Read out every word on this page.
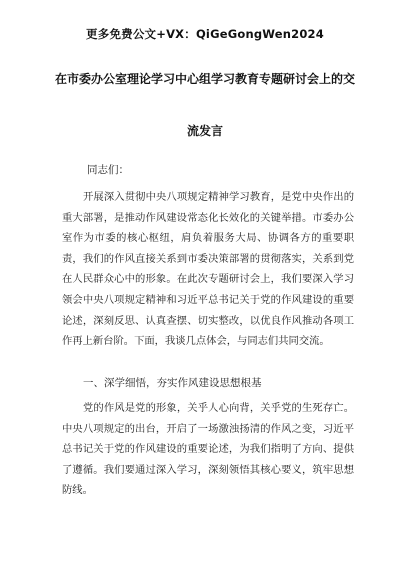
更多免费公文+VX：QiGeGongWen2024
在市委办公室理论学习中心组学习教育专题研讨会上的交
流发言
同志们：

开展深入贯彻中央八项规定精神学习教育，是党中央作出的重大部署，是推动作风建设常态化长效化的关键举措。市委办公室作为市委的核心枢纽，肩负着服务大局、协调各方的重要职责，我们的作风直接关系到市委决策部署的贯彻落实，关系到党在人民群众心中的形象。在此次专题研讨会上，我们要深入学习领会中央八项规定精神和习近平总书记关于党的作风建设的重要论述，深刻反思、认真查摆、切实整改，以优良作风推动各项工作再上新台阶。下面，我谈几点体会，与同志们共同交流。

一、深学细悟，夯实作风建设思想根基

党的作风是党的形象，关乎人心向背，关乎党的生死存亡。中央八项规定的出台，开启了一场激浊扬清的作风之变，习近平总书记关于党的作风建设的重要论述，为我们指明了方向、提供了遵循。我们要通过深入学习，深刻领悟其核心要义，筑牢思想防线。
